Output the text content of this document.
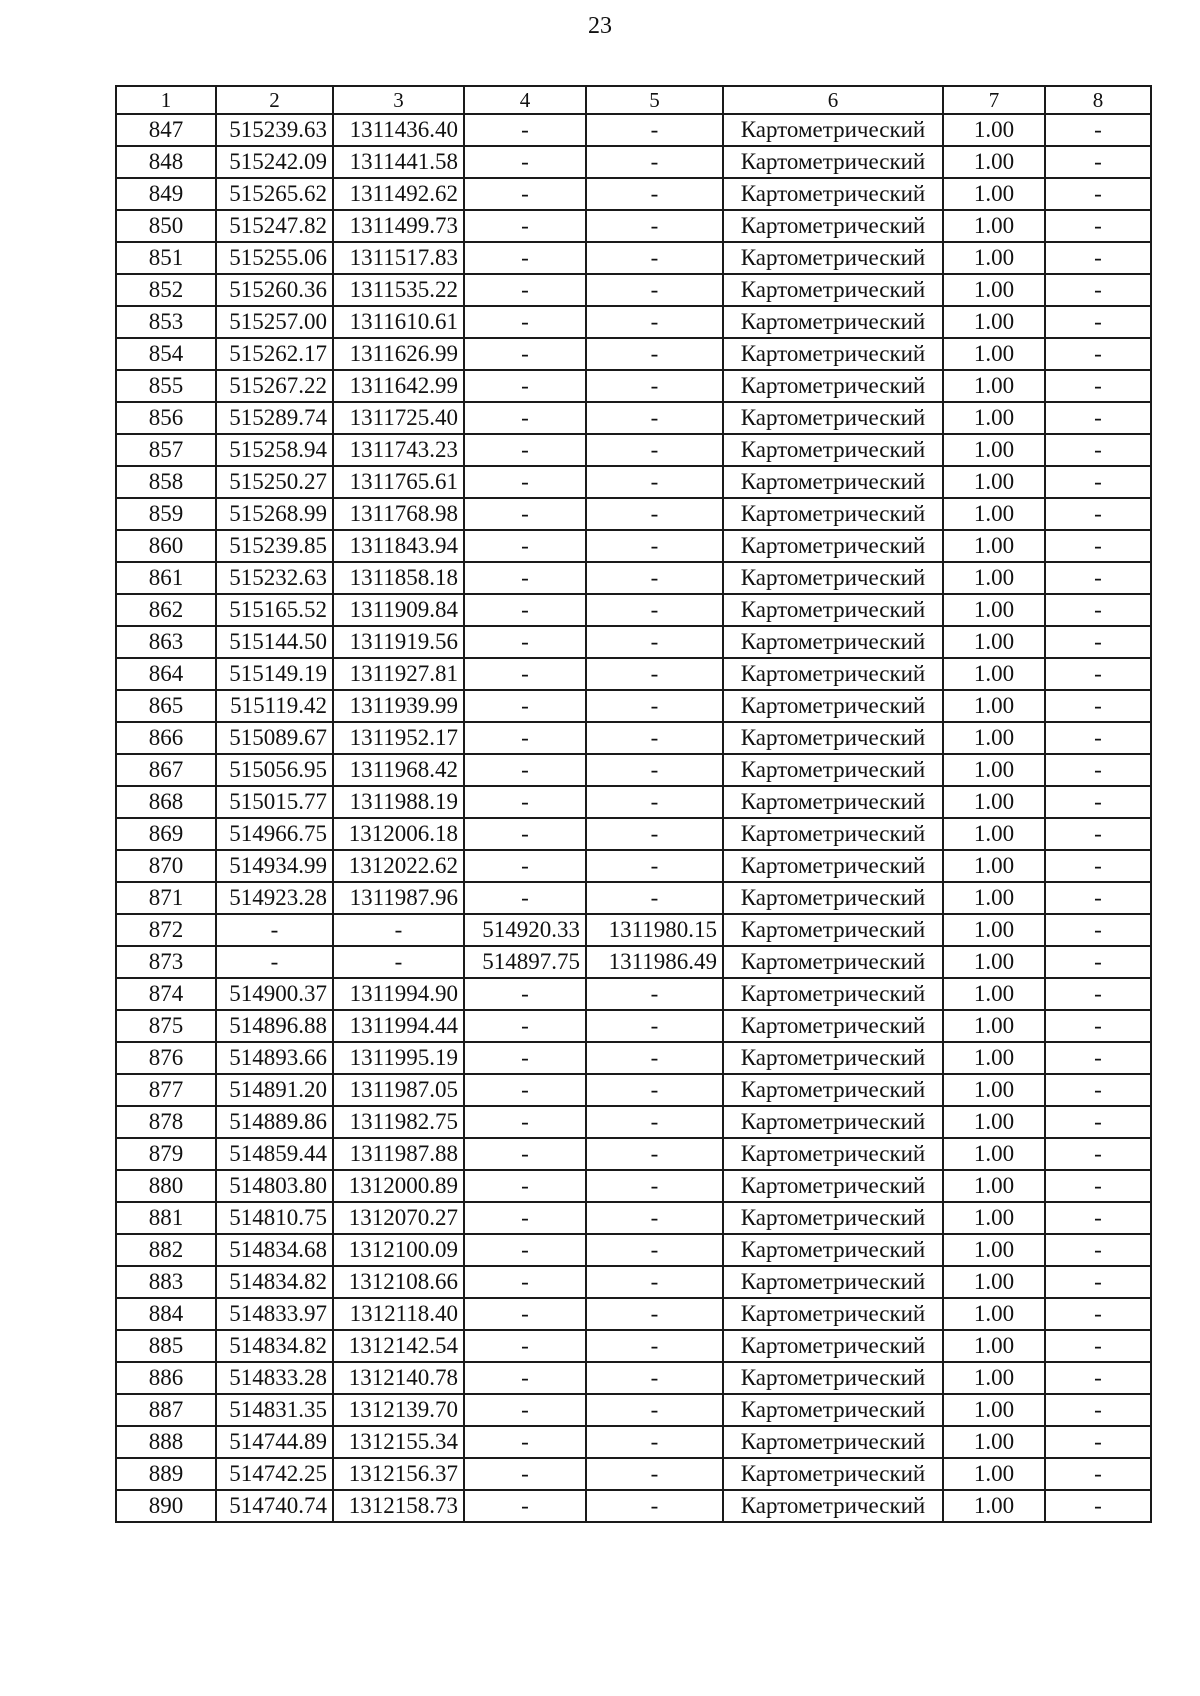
23
1	2	3	4	5	6	7	8
847	515239.63	1311436.40	-	-	Картометрический	1.00	-
848	515242.09	1311441.58	-	-	Картометрический	1.00	-
849	515265.62	1311492.62	-	-	Картометрический	1.00	-
850	515247.82	1311499.73	-	-	Картометрический	1.00	-
851	515255.06	1311517.83	-	-	Картометрический	1.00	-
852	515260.36	1311535.22	-	-	Картометрический	1.00	-
853	515257.00	1311610.61	-	-	Картометрический	1.00	-
854	515262.17	1311626.99	-	-	Картометрический	1.00	-
855	515267.22	1311642.99	-	-	Картометрический	1.00	-
856	515289.74	1311725.40	-	-	Картометрический	1.00	-
857	515258.94	1311743.23	-	-	Картометрический	1.00	-
858	515250.27	1311765.61	-	-	Картометрический	1.00	-
859	515268.99	1311768.98	-	-	Картометрический	1.00	-
860	515239.85	1311843.94	-	-	Картометрический	1.00	-
861	515232.63	1311858.18	-	-	Картометрический	1.00	-
862	515165.52	1311909.84	-	-	Картометрический	1.00	-
863	515144.50	1311919.56	-	-	Картометрический	1.00	-
864	515149.19	1311927.81	-	-	Картометрический	1.00	-
865	515119.42	1311939.99	-	-	Картометрический	1.00	-
866	515089.67	1311952.17	-	-	Картометрический	1.00	-
867	515056.95	1311968.42	-	-	Картометрический	1.00	-
868	515015.77	1311988.19	-	-	Картометрический	1.00	-
869	514966.75	1312006.18	-	-	Картометрический	1.00	-
870	514934.99	1312022.62	-	-	Картометрический	1.00	-
871	514923.28	1311987.96	-	-	Картометрический	1.00	-
872	-	-	514920.33	1311980.15	Картометрический	1.00	-
873	-	-	514897.75	1311986.49	Картометрический	1.00	-
874	514900.37	1311994.90	-	-	Картометрический	1.00	-
875	514896.88	1311994.44	-	-	Картометрический	1.00	-
876	514893.66	1311995.19	-	-	Картометрический	1.00	-
877	514891.20	1311987.05	-	-	Картометрический	1.00	-
878	514889.86	1311982.75	-	-	Картометрический	1.00	-
879	514859.44	1311987.88	-	-	Картометрический	1.00	-
880	514803.80	1312000.89	-	-	Картометрический	1.00	-
881	514810.75	1312070.27	-	-	Картометрический	1.00	-
882	514834.68	1312100.09	-	-	Картометрический	1.00	-
883	514834.82	1312108.66	-	-	Картометрический	1.00	-
884	514833.97	1312118.40	-	-	Картометрический	1.00	-
885	514834.82	1312142.54	-	-	Картометрический	1.00	-
886	514833.28	1312140.78	-	-	Картометрический	1.00	-
887	514831.35	1312139.70	-	-	Картометрический	1.00	-
888	514744.89	1312155.34	-	-	Картометрический	1.00	-
889	514742.25	1312156.37	-	-	Картометрический	1.00	-
890	514740.74	1312158.73	-	-	Картометрический	1.00	-
